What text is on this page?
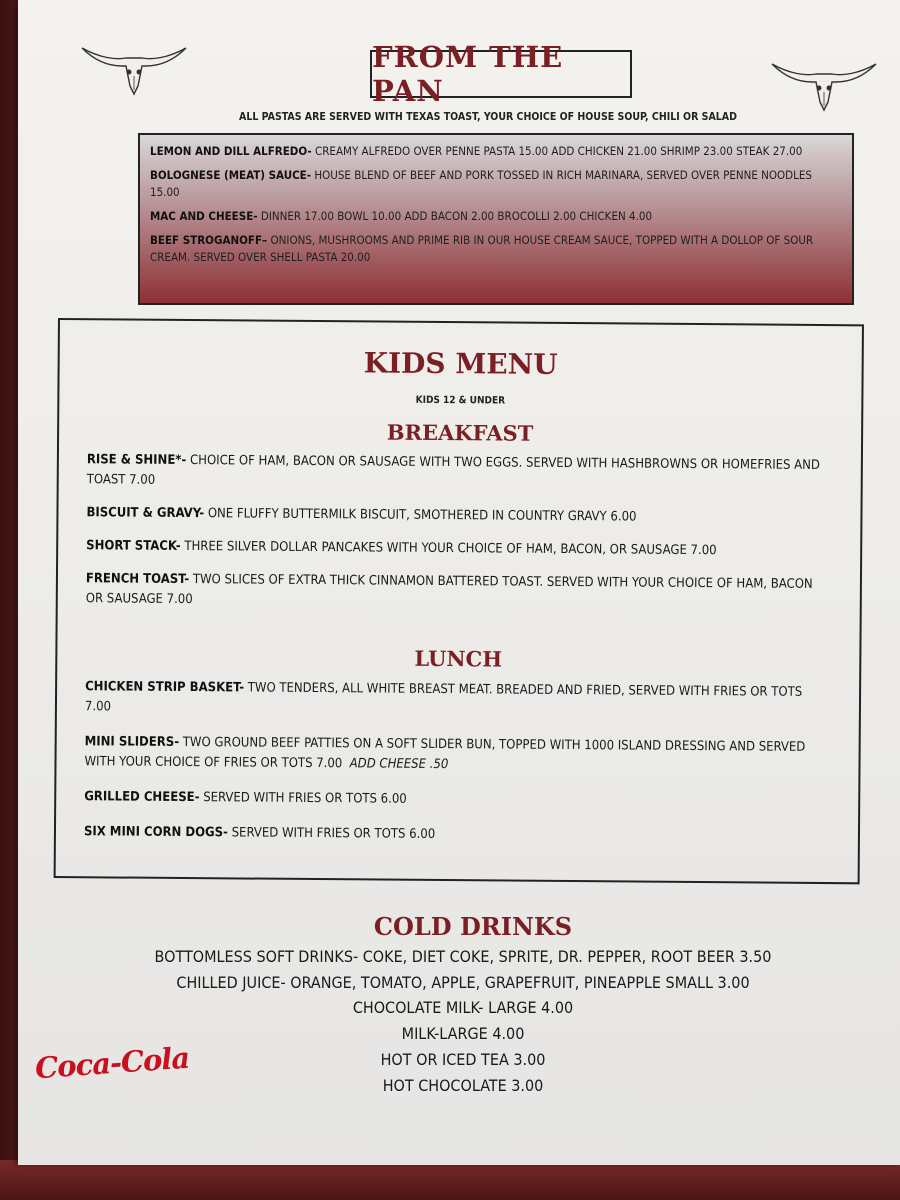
FROM THE PAN
ALL PASTAS ARE SERVED WITH TEXAS TOAST, YOUR CHOICE OF HOUSE SOUP, CHILI OR SALAD

LEMON AND DILL ALFREDO- CREAMY ALFREDO OVER PENNE PASTA 15.00 ADD CHICKEN 21.00 SHRIMP 23.00 STEAK 27.00

BOLOGNESE (MEAT) SAUCE- HOUSE BLEND OF BEEF AND PORK TOSSED IN RICH MARINARA, SERVED OVER PENNE NOODLES 15.00

MAC AND CHEESE- DINNER 17.00 BOWL 10.00 ADD BACON 2.00 BROCOLLI 2.00 CHICKEN 4.00

BEEF STROGANOFF– ONIONS, MUSHROOMS AND PRIME RIB IN OUR HOUSE CREAM SAUCE, TOPPED WITH A DOLLOP OF SOUR CREAM. SERVED OVER SHELL PASTA 20.00

KIDS MENU
KIDS 12 & UNDER
BREAKFAST

RISE & SHINE*- CHOICE OF HAM, BACON OR SAUSAGE WITH TWO EGGS. SERVED WITH HASHBROWNS OR HOMEFRIES AND TOAST 7.00

BISCUIT & GRAVY- ONE FLUFFY BUTTERMILK BISCUIT, SMOTHERED IN COUNTRY GRAVY 6.00

SHORT STACK- THREE SILVER DOLLAR PANCAKES WITH YOUR CHOICE OF HAM, BACON, OR SAUSAGE 7.00

FRENCH TOAST- TWO SLICES OF EXTRA THICK CINNAMON BATTERED TOAST. SERVED WITH YOUR CHOICE OF HAM, BACON OR SAUSAGE 7.00

LUNCH

CHICKEN STRIP BASKET- TWO TENDERS, ALL WHITE BREAST MEAT. BREADED AND FRIED, SERVED WITH FRIES OR TOTS 7.00

MINI SLIDERS- TWO GROUND BEEF PATTIES ON A SOFT SLIDER BUN, TOPPED WITH 1000 ISLAND DRESSING AND SERVED WITH YOUR CHOICE OF FRIES OR TOTS 7.00 ADD CHEESE .50

GRILLED CHEESE- SERVED WITH FRIES OR TOTS 6.00

SIX MINI CORN DOGS- SERVED WITH FRIES OR TOTS 6.00

COLD DRINKS
BOTTOMLESS SOFT DRINKS- COKE, DIET COKE, SPRITE, DR. PEPPER, ROOT BEER 3.50
CHILLED JUICE- ORANGE, TOMATO, APPLE, GRAPEFRUIT, PINEAPPLE SMALL 3.00
CHOCOLATE MILK- LARGE 4.00
MILK-LARGE 4.00
HOT OR ICED TEA 3.00
HOT CHOCOLATE 3.00
Coca-Cola
